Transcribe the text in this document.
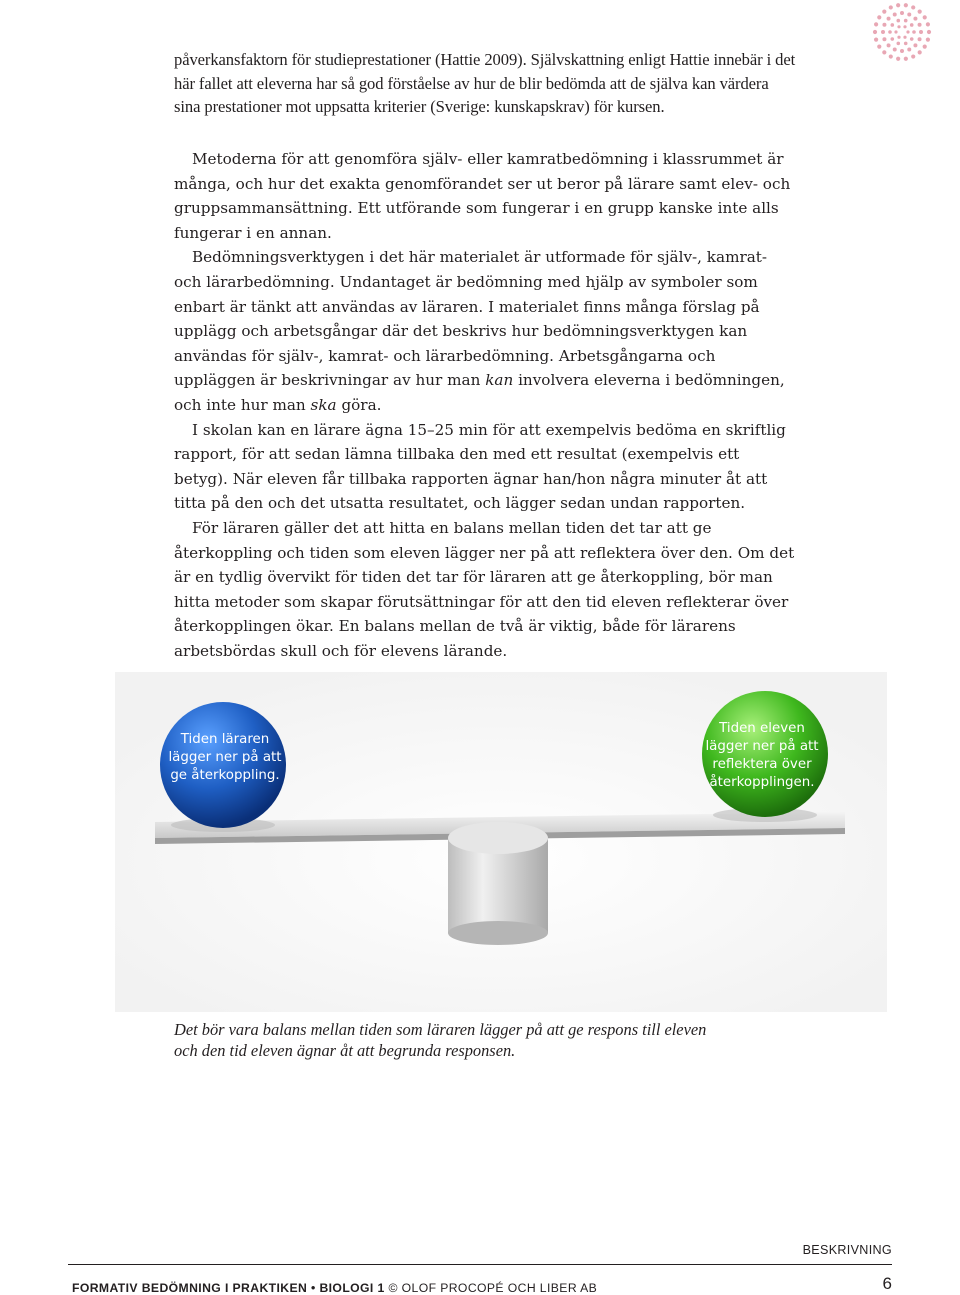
påverkansfaktorn för studieprestationer (Hattie 2009). Självskattning enligt Hattie innebär i det här fallet att eleverna har så god förståelse av hur de blir bedömda att de själva kan värdera sina prestationer mot uppsatta kriterier (Sverige: kunskapskrav) för kursen.

Metoderna för att genomföra själv- eller kamratbedömning i klassrummet är många, och hur det exakta genomförandet ser ut beror på lärare samt elev- och gruppsammansättning. Ett utförande som fungerar i en grupp kanske inte alls fungerar i en annan.

Bedömningsverktygen i det här materialet är utformade för själv-, kamrat- och lärarbedömning. Undantaget är bedömning med hjälp av symboler som enbart är tänkt att användas av läraren. I materialet finns många förslag på upplägg och arbetsgångar där det beskrivs hur bedömningsverktygen kan användas för själv-, kamrat- och lärarbedömning. Arbetsgångarna och uppläggen är beskrivningar av hur man kan involvera eleverna i bedömningen, och inte hur man ska göra.

I skolan kan en lärare ägna 15–25 min för att exempelvis bedöma en skriftlig rapport, för att sedan lämna tillbaka den med ett resultat (exempelvis ett betyg). När eleven får tillbaka rapporten ägnar han/hon några minuter åt att titta på den och det utsatta resultatet, och lägger sedan undan rapporten.

För läraren gäller det att hitta en balans mellan tiden det tar att ge återkoppling och tiden som eleven lägger ner på att reflektera över den. Om det är en tydlig övervikt för tiden det tar för läraren att ge återkoppling, bör man hitta metoder som skapar förutsättningar för att den tid eleven reflekterar över återkopplingen ökar. En balans mellan de två är viktig, både för lärarens arbetsbördas skull och för elevens lärande.

Tiden läraren lägger ner på att ge återkoppling.
Tiden eleven lägger ner på att reflektera över återkopplingen.
Det bör vara balans mellan tiden som läraren lägger på att ge respons till eleven och den tid eleven ägnar åt att begrunda responsen.
BESKRIVNING
FORMATIV BEDÖMNING I PRAKTIKEN • BIOLOGI 1 © OLOF PROCOPÉ OCH LIBER AB	6
